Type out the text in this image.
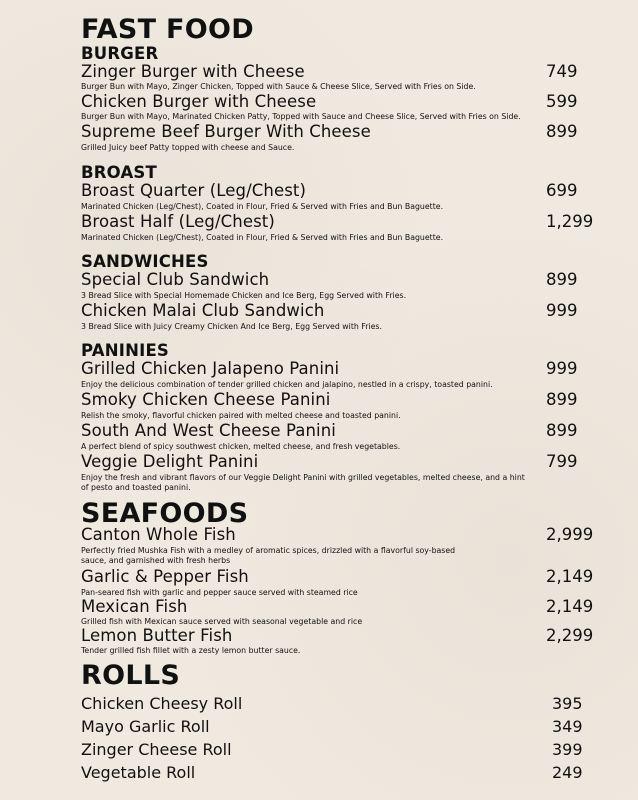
FAST FOOD
BURGER
Zinger Burger with Cheese	749
Burger Bun with Mayo, Zinger Chicken, Topped with Sauce & Cheese Slice, Served with Fries on Side.
Chicken Burger with Cheese	599
Burger Bun with Mayo, Marinated Chicken Patty, Topped with Sauce and Cheese Slice, Served with Fries on Side.
Supreme Beef Burger With Cheese	899
Grilled Juicy beef Patty topped with cheese and Sauce.
BROAST
Broast Quarter (Leg/Chest)	699
Marinated Chicken (Leg/Chest), Coated in Flour, Fried & Served with Fries and Bun Baguette.
Broast Half (Leg/Chest)	1,299
Marinated Chicken (Leg/Chest), Coated in Flour, Fried & Served with Fries and Bun Baguette.
SANDWICHES
Special Club Sandwich	899
3 Bread Slice with Special Homemade Chicken and Ice Berg, Egg Served with Fries.
Chicken Malai Club Sandwich	999
3 Bread Slice with Juicy Creamy Chicken And Ice Berg, Egg Served with Fries.
PANINIES
Grilled Chicken Jalapeno Panini	999
Enjoy the delicious combination of tender grilled chicken and jalapino, nestled in a crispy, toasted panini.
Smoky Chicken Cheese Panini	899
Relish the smoky, flavorful chicken paired with melted cheese and toasted panini.
South And West Cheese Panini	899
A perfect blend of spicy southwest chicken, melted cheese, and fresh vegetables.
Veggie Delight Panini	799
Enjoy the fresh and vibrant flavors of our Veggie Delight Panini with grilled vegetables, melted cheese, and a hint of pesto and toasted panini.
SEAFOODS
Canton Whole Fish	2,999
Perfectly fried Mushka Fish with a medley of aromatic spices, drizzled with a flavorful soy-based sauce, and garnished with fresh herbs
Garlic & Pepper Fish	2,149
Pan-seared fish with garlic and pepper sauce served with steamed rice
Mexican Fish	2,149
Grilled fish with Mexican sauce served with seasonal vegetable and rice
Lemon Butter Fish	2,299
Tender grilled fish fillet with a zesty lemon butter sauce.
ROLLS
Chicken Cheesy Roll	395
Mayo Garlic Roll	349
Zinger Cheese Roll	399
Vegetable Roll	249
